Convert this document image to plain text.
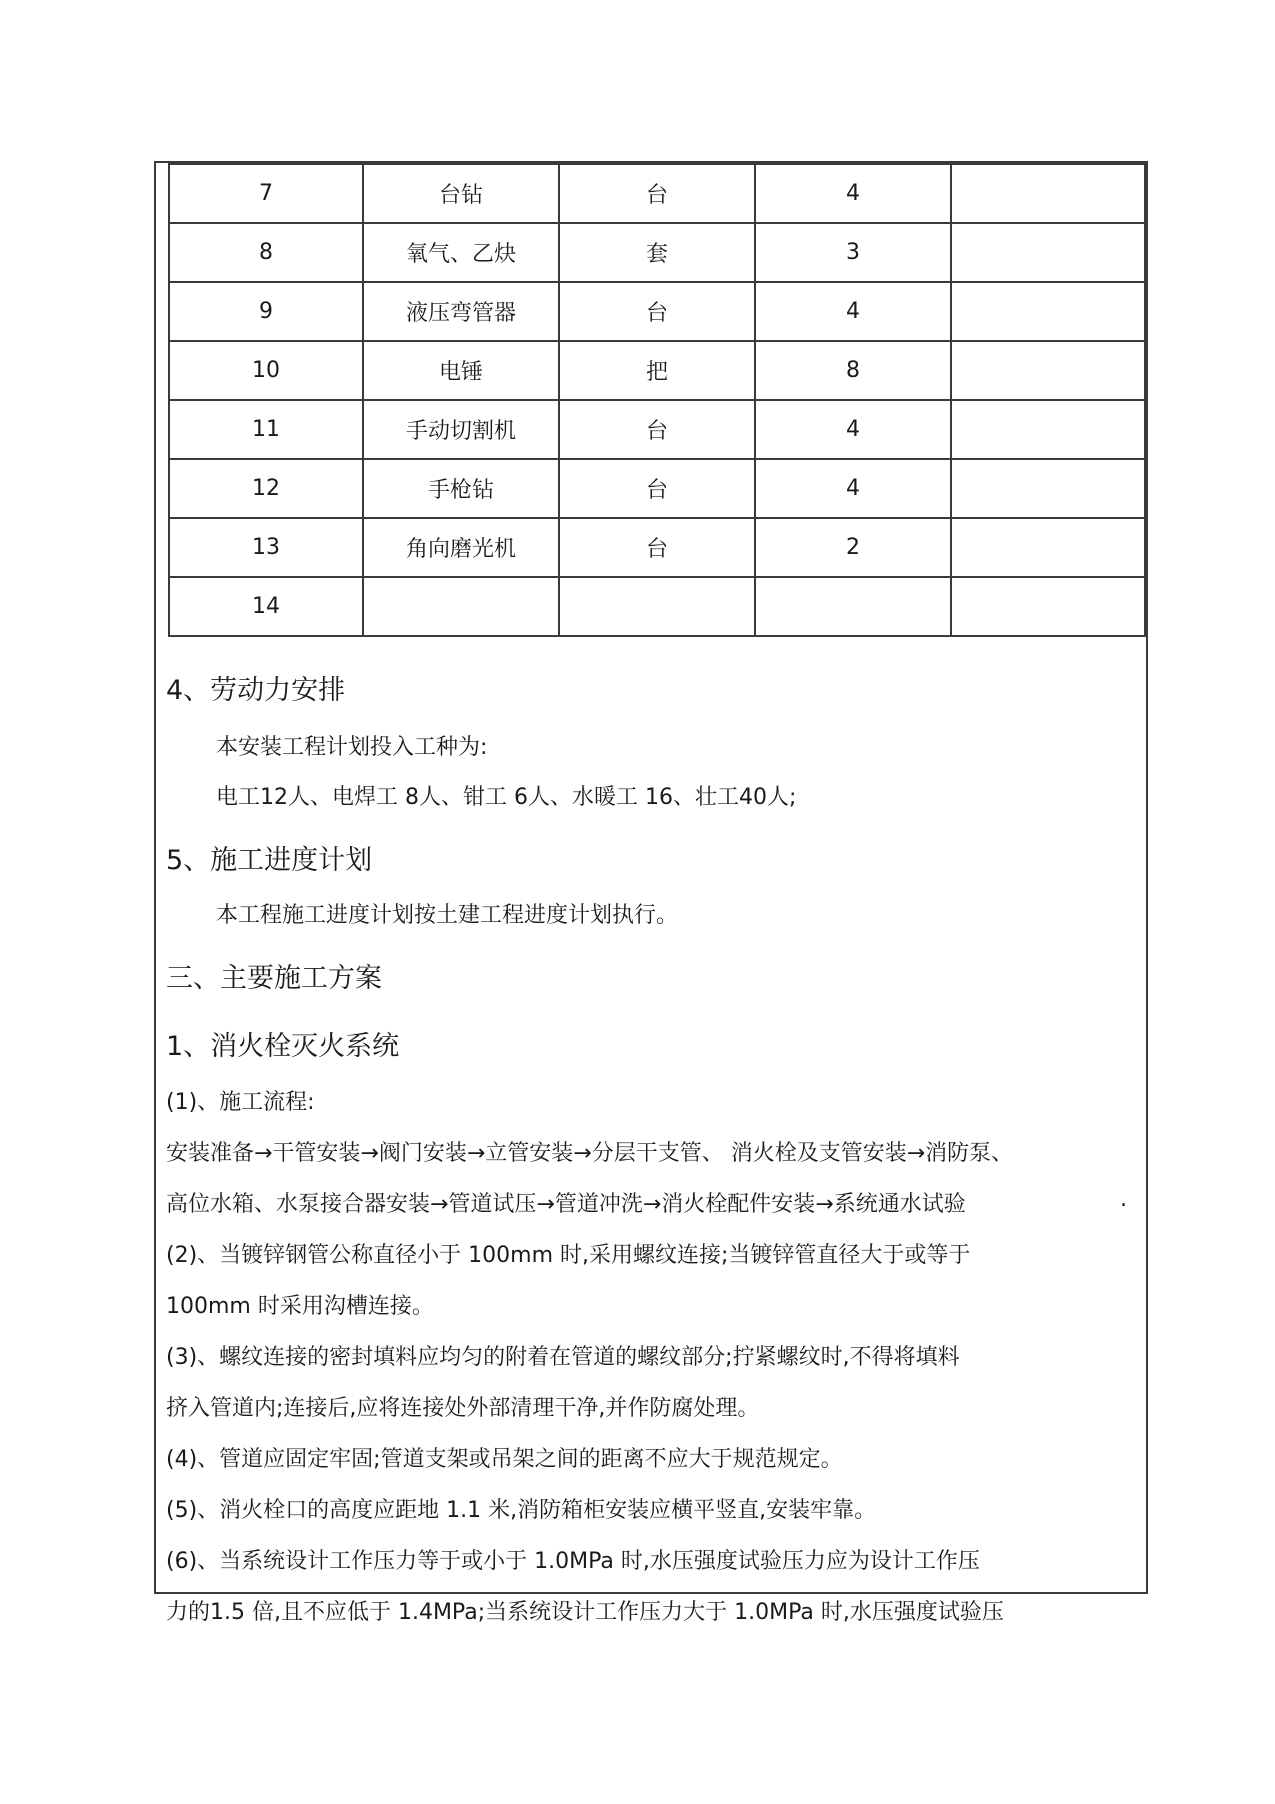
7	台钻	台	4	
8	氧气、乙炔	套	3	
9	液压弯管器	台	4	
10	电锤	把	8	
11	手动切割机	台	4	
12	手枪钻	台	4	
13	角向磨光机	台	2	
14				
4、劳动力安排
本安装工程计划投入工种为:
电工12人、电焊工 8人、钳工 6人、水暖工 16、壮工40人;
5、施工进度计划
本工程施工进度计划按土建工程进度计划执行。
三、主要施工方案
1、消火栓灭火系统
(1)、施工流程:
安装准备→干管安装→阀门安装→立管安装→分层干支管、 消火栓及支管安装→消防泵、
高位水箱、水泵接合器安装→管道试压→管道冲洗→消火栓配件安装→系统通水试验	.
(2)、当镀锌钢管公称直径小于 100mm 时,采用螺纹连接;当镀锌管直径大于或等于
100mm 时采用沟槽连接。
(3)、螺纹连接的密封填料应均匀的附着在管道的螺纹部分;拧紧螺纹时,不得将填料
挤入管道内;连接后,应将连接处外部清理干净,并作防腐处理。
(4)、管道应固定牢固;管道支架或吊架之间的距离不应大于规范规定。
(5)、消火栓口的高度应距地 1.1 米,消防箱柜安装应横平竖直,安装牢靠。
(6)、当系统设计工作压力等于或小于 1.0MPa 时,水压强度试验压力应为设计工作压
力的1.5 倍,且不应低于 1.4MPa;当系统设计工作压力大于 1.0MPa 时,水压强度试验压
